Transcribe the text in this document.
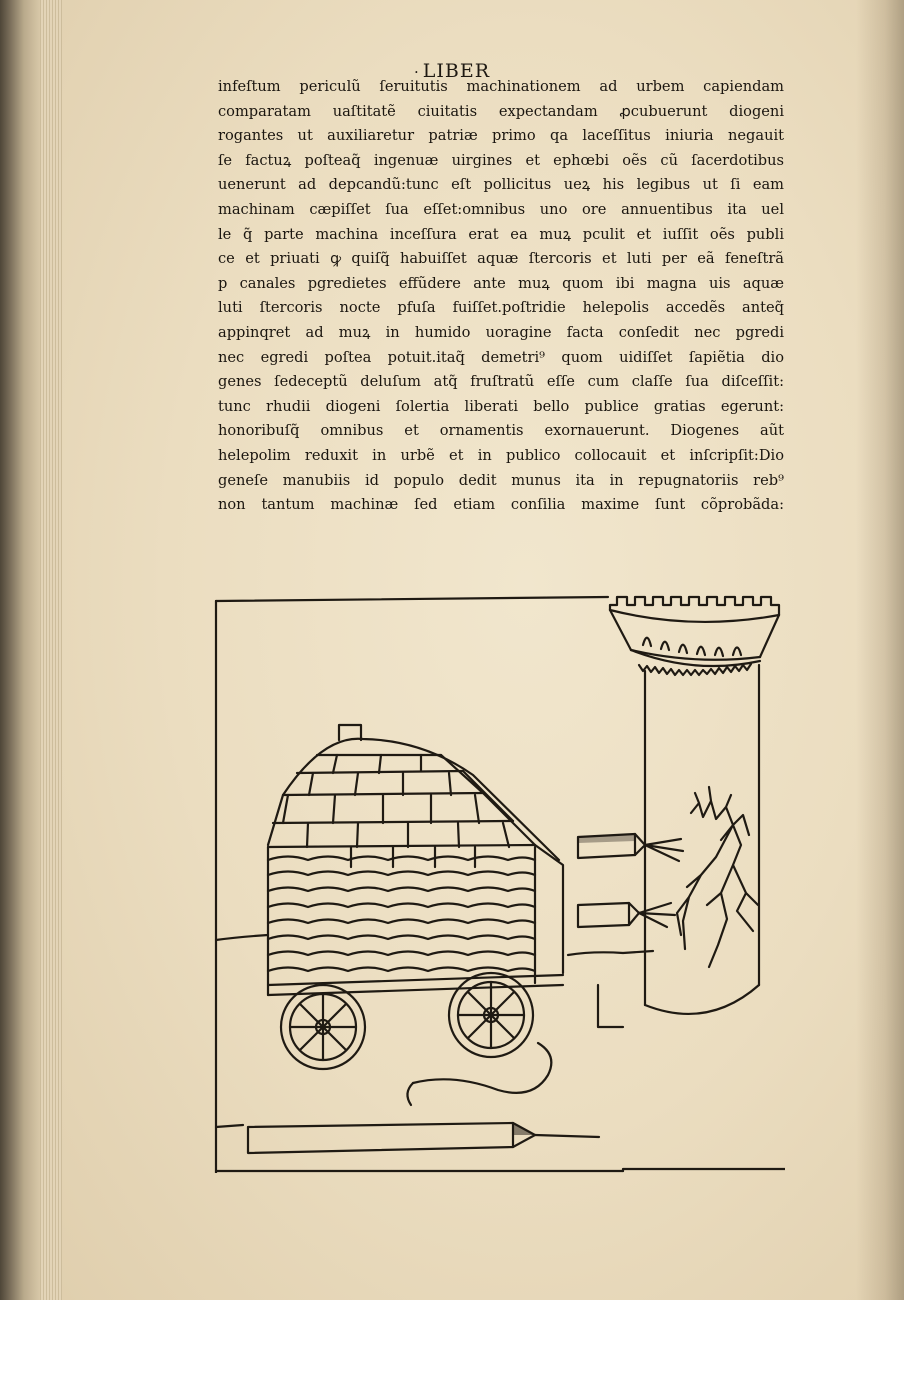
· LIBER
infeſtum periculũ ſeruitutis machinationem ad urbem capiendam
comparatam uaſtitatẽ ciuitatis expectandam ꝓcubuerunt diogeni
rogantes ut auxiliaretur patriæ primo qa laceſſitus iniuria negauit
ſe factuꝝ poſteaq̃ ingenuæ uirgines et ephœbi oẽs cũ ſacerdotibus
uenerunt ad depcandũ:tunc eſt pollicitus ueꝝ his legibus ut ſi eam
machinam cæpiſſet ſua eſſet:omnibus uno ore annuentibus ita uel
le q̃ parte machina inceſſura erat ea muꝝ pculit et iuſſit oẽs publi
ce et priuati ꝙ quiſq̃ habuiſſet aquæ ſtercoris et luti per eã feneſtrã
p canales pgredietes effũdere ante muꝝ quom ibi magna uis aquæ
luti ſtercoris nocte pfuſa fuiſſet.poſtridie helepolis accedẽs anteq̃
appinqret ad muꝝ in humido uoragine facta conſedit nec pgredi
nec egredi poſtea potuit.itaq̃ demetri⁹ quom uidiſſet ſapiẽtia dio
genes ſedeceptũ deluſum atq̃ fruſtratũ eſſe cum claſſe ſua diſceſſit:
tunc rhudii diogeni ſolertia liberati bello publice gratias egerunt:
honoribuſq̃ omnibus et ornamentis exornauerunt. Diogenes aũt
helepolim reduxit in urbẽ et in publico collocauit et inſcripſit:Dio
geneſe manubiis id populo dedit munus ita in repugnatoriis reb⁹
non tantum machinæ ſed etiam conſilia maxime ſunt cõprobãda:
